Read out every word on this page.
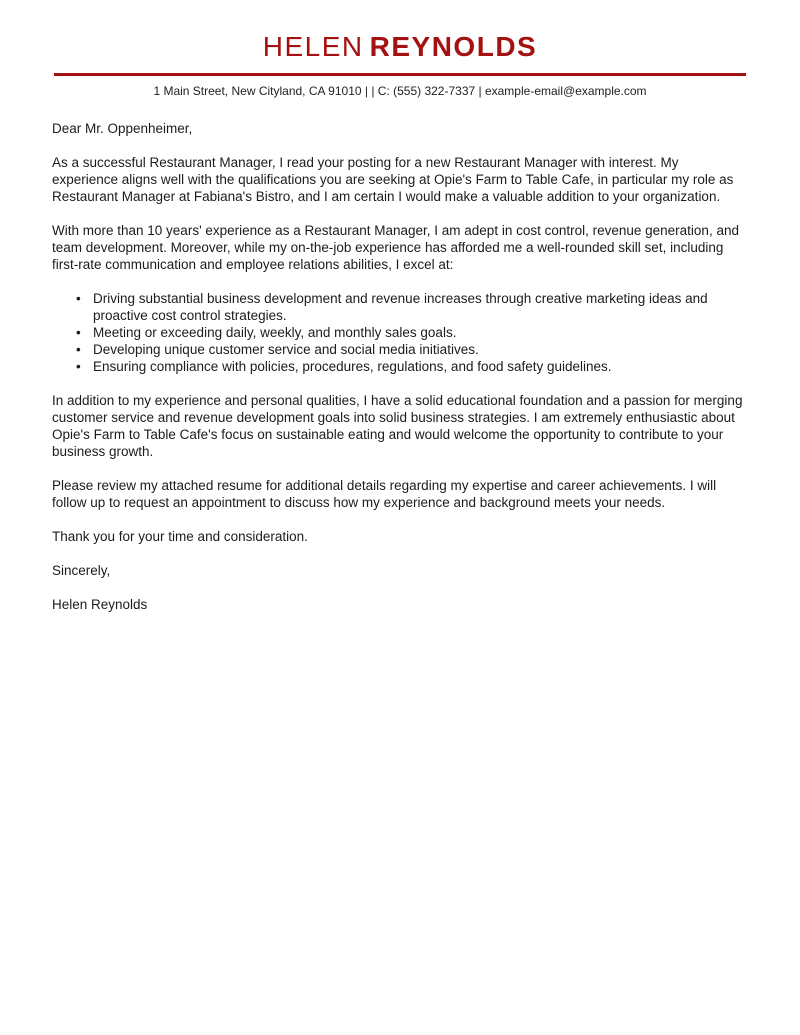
HELEN REYNOLDS
1 Main Street, New Cityland, CA 91010 | | C: (555) 322-7337 | example-email@example.com

Dear Mr. Oppenheimer,

As a successful Restaurant Manager, I read your posting for a new Restaurant Manager with interest. My experience aligns well with the qualifications you are seeking at Opie's Farm to Table Cafe, in particular my role as Restaurant Manager at Fabiana's Bistro, and I am certain I would make a valuable addition to your organization.

With more than 10 years' experience as a Restaurant Manager, I am adept in cost control, revenue generation, and team development. Moreover, while my on-the-job experience has afforded me a well-rounded skill set, including first-rate communication and employee relations abilities, I excel at:

• Driving substantial business development and revenue increases through creative marketing ideas and proactive cost control strategies.
• Meeting or exceeding daily, weekly, and monthly sales goals.
• Developing unique customer service and social media initiatives.
• Ensuring compliance with policies, procedures, regulations, and food safety guidelines.

In addition to my experience and personal qualities, I have a solid educational foundation and a passion for merging customer service and revenue development goals into solid business strategies. I am extremely enthusiastic about Opie's Farm to Table Cafe's focus on sustainable eating and would welcome the opportunity to contribute to your business growth.

Please review my attached resume for additional details regarding my expertise and career achievements. I will follow up to request an appointment to discuss how my experience and background meets your needs.

Thank you for your time and consideration.

Sincerely,

Helen Reynolds
